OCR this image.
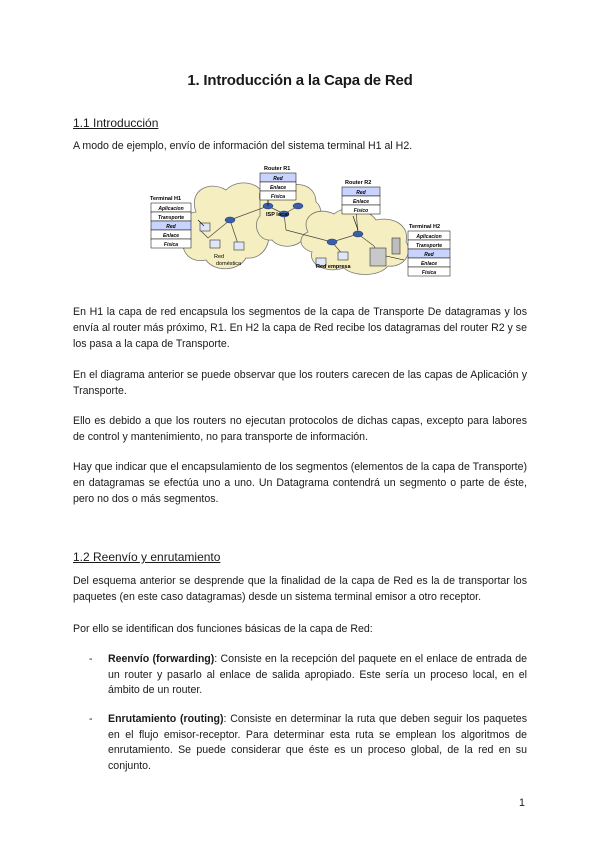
1. Introducción a la Capa de Red
1.1 Introducción

A modo de ejemplo, envío de información del sistema terminal H1 al H2.

Terminal H1
Aplicacion
Transporte
Red
Enlace
Fisica
Router R1
Red
Enlace
Fisica
Router R2
Red
Enlace
Fisico
Terminal H2
Aplicacion
Transporte
Red
Enlace
Fisica
ISP local
Red doméstica	Red empresa

En H1 la capa de red encapsula los segmentos de la capa de Transporte De datagramas y los envía al router más próximo, R1. En H2 la capa de Red recibe los datagramas del router R2 y se los pasa a la capa de Transporte.

En el diagrama anterior se puede observar que los routers carecen de las capas de Aplicación y Transporte.

Ello es debido a que los routers no ejecutan protocolos de dichas capas, excepto para labores de control y mantenimiento, no para transporte de información.

Hay que indicar que el encapsulamiento de los segmentos (elementos de la capa de Transporte) en datagramas se efectúa uno a uno. Un Datagrama contendrá un segmento o parte de éste, pero no dos o más segmentos.

1.2 Reenvío y enrutamiento

Del esquema anterior se desprende que la finalidad de la capa de Red es la de transportar los paquetes (en este caso datagramas) desde un sistema terminal emisor a otro receptor.

Por ello se identifican dos funciones básicas de la capa de Red:

- Reenvío (forwarding): Consiste en la recepción del paquete en el enlace de entrada de un router y pasarlo al enlace de salida apropiado. Este sería un proceso local, en el ámbito de un router.

- Enrutamiento (routing): Consiste en determinar la ruta que deben seguir los paquetes en el flujo emisor-receptor. Para determinar esta ruta se emplean los algoritmos de enrutamiento. Se puede considerar que éste es un proceso global, de la red en su conjunto.

1
